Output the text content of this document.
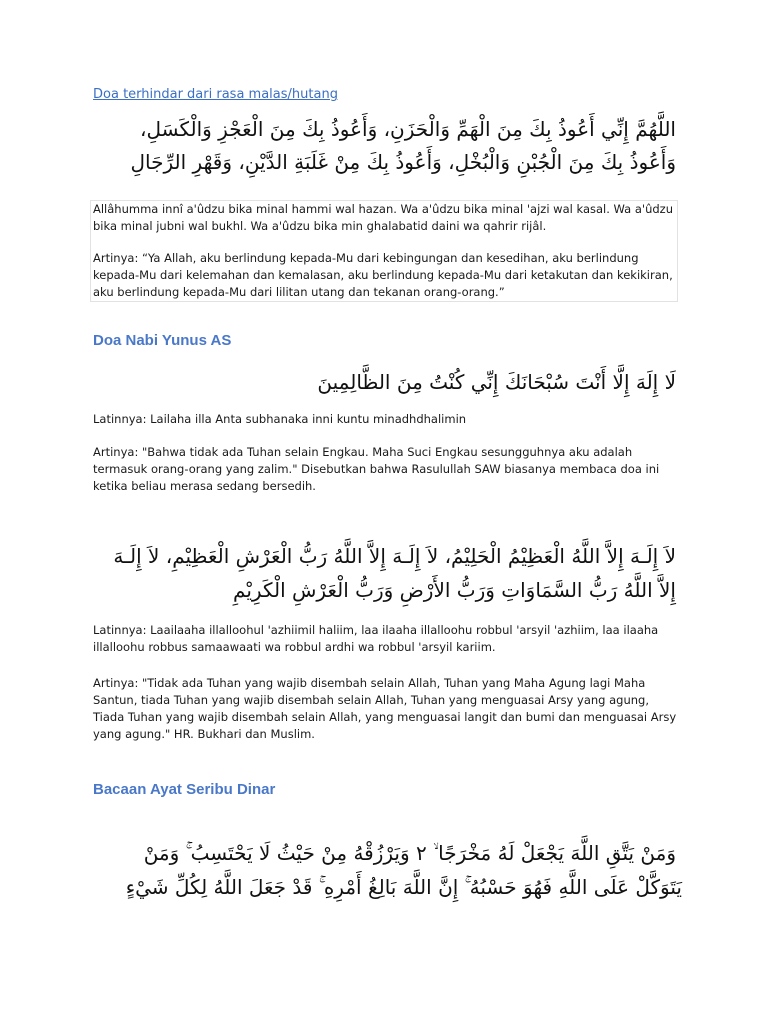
Doa terhindar dari rasa malas/hutang
اللَّهُمَّ إِنِّي أَعُوذُ بِكَ مِنَ الْهَمِّ وَالْحَزَنِ، وَأَعُوذُ بِكَ مِنَ الْعَجْزِ وَالْكَسَلِ،
وَأَعُوذُ بِكَ مِنَ الْجُبْنِ وَالْبُخْلِ، وَأَعُوذُ بِكَ مِنْ غَلَبَةِ الدَّيْنِ، وَقَهْرِ الرِّجَالِ
Allâhumma innî a'ûdzu bika minal hammi wal hazan. Wa a'ûdzu bika minal 'ajzi wal kasal. Wa a'ûdzu bika minal jubni wal bukhl. Wa a'ûdzu bika min ghalabatid daini wa qahrir rijâl.
Artinya: “Ya Allah, aku berlindung kepada-Mu dari kebingungan dan kesedihan, aku berlindung kepada-Mu dari kelemahan dan kemalasan, aku berlindung kepada-Mu dari ketakutan dan kekikiran, aku berlindung kepada-Mu dari lilitan utang dan tekanan orang-orang.”
Doa Nabi Yunus AS
لَا إِلَهَ إِلَّا أَنْتَ سُبْحَانَكَ إِنِّي كُنْتُ مِنَ الظَّالِمِينَ
Latinnya: Lailaha illa Anta subhanaka inni kuntu minadhdhalimin
Artinya: "Bahwa tidak ada Tuhan selain Engkau. Maha Suci Engkau sesungguhnya aku adalah termasuk orang-orang yang zalim." Disebutkan bahwa Rasulullah SAW biasanya membaca doa ini ketika beliau merasa sedang bersedih.
لاَ إِلَـهَ إِلاَّ اللَّهُ الْعَظِيْمُ الْحَلِيْمُ، لاَ إِلَـهَ إِلاَّ اللَّهُ رَبُّ الْعَرْشِ الْعَظِيْمِ، لاَ إِلَـهَ
إِلاَّ اللَّهُ رَبُّ السَّمَاوَاتِ وَرَبُّ الأَرْضِ وَرَبُّ الْعَرْشِ الْكَرِيْمِ
Latinnya: Laailaaha illalloohul 'azhiimil haliim, laa ilaaha illalloohu robbul 'arsyil 'azhiim, laa ilaaha illalloohu robbus samaawaati wa robbul ardhi wa robbul 'arsyil kariim.
Artinya: "Tidak ada Tuhan yang wajib disembah selain Allah, Tuhan yang Maha Agung lagi Maha Santun, tiada Tuhan yang wajib disembah selain Allah, Tuhan yang menguasai Arsy yang agung, Tiada Tuhan yang wajib disembah selain Allah, yang menguasai langit dan bumi dan menguasai Arsy yang agung." HR. Bukhari dan Muslim.
Bacaan Ayat Seribu Dinar
وَمَنْ يَتَّقِ اللَّهَ يَجْعَلْ لَهُ مَخْرَجًا ۙ ٢ وَيَرْزُقْهُ مِنْ حَيْثُ لَا يَحْتَسِبُ ۚ وَمَنْ
يَتَوَكَّلْ عَلَى اللَّهِ فَهُوَ حَسْبُهُ ۚ إِنَّ اللَّهَ بَالِغُ أَمْرِهِ ۚ قَدْ جَعَلَ اللَّهُ لِكُلِّ شَيْءٍ
